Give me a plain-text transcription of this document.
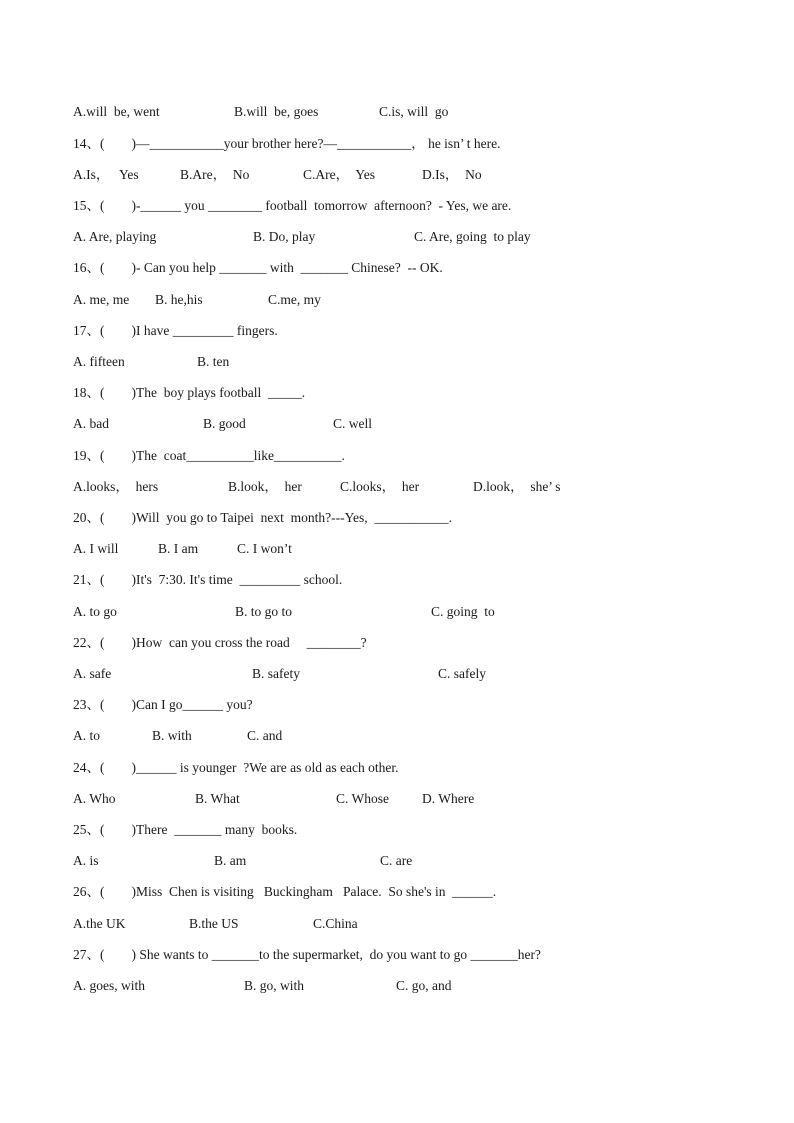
A.will  be, went

	B.will  be, goes

	C.is, will  go

14、(        )—___________your brother here?—___________， he isn’ t here.

A.Is，   Yes

	B.Are，  No

	C.Are，  Yes

	D.Is，  No

15、(        )-______ you ________ football  tomorrow  afternoon?  - Yes, we are.

A. Are, playing

	B. Do, play

	C. Are, going  to play

16、(        )- Can you help _______ with  _______ Chinese?  -- OK.

A. me, me

B. he,his

	C.me, my

17、(        )I have _________ fingers.

A. fifteen

	B. ten

18、(        )The  boy plays football  _____.

A. bad

	B. good

	C. well

19、(        )The  coat__________like__________.

A.looks，  hers

	B.look，  her

	C.looks，  her

	D.look，  she’ s

20、(        )Will  you go to Taipei  next  month?---Yes,  ___________.

A. I will

	B. I am

	C. I won’t

21、(        )It's  7:30. It's time  _________ school.

A. to go

	B. to go to

	C. going  to

22、(        )How  can you cross the road     ________?

A. safe

	B. safety

	C. safely

23、(        )Can I go______ you?

A. to

	B. with

	C. and

24、(        )______ is younger  ?We are as old as each other.

A. Who

	B. What

	C. Whose

D. Where

25、(        )There  _______ many  books.

A. is

	B. am

	C. are

26、(        )Miss  Chen is visiting   Buckingham   Palace.  So she's in  ______.

A.the UK

	B.the US

	C.China

27、(        ) She wants to _______to the supermarket,  do you want to go _______her?

A. goes, with

	B. go, with

	C. go, and
